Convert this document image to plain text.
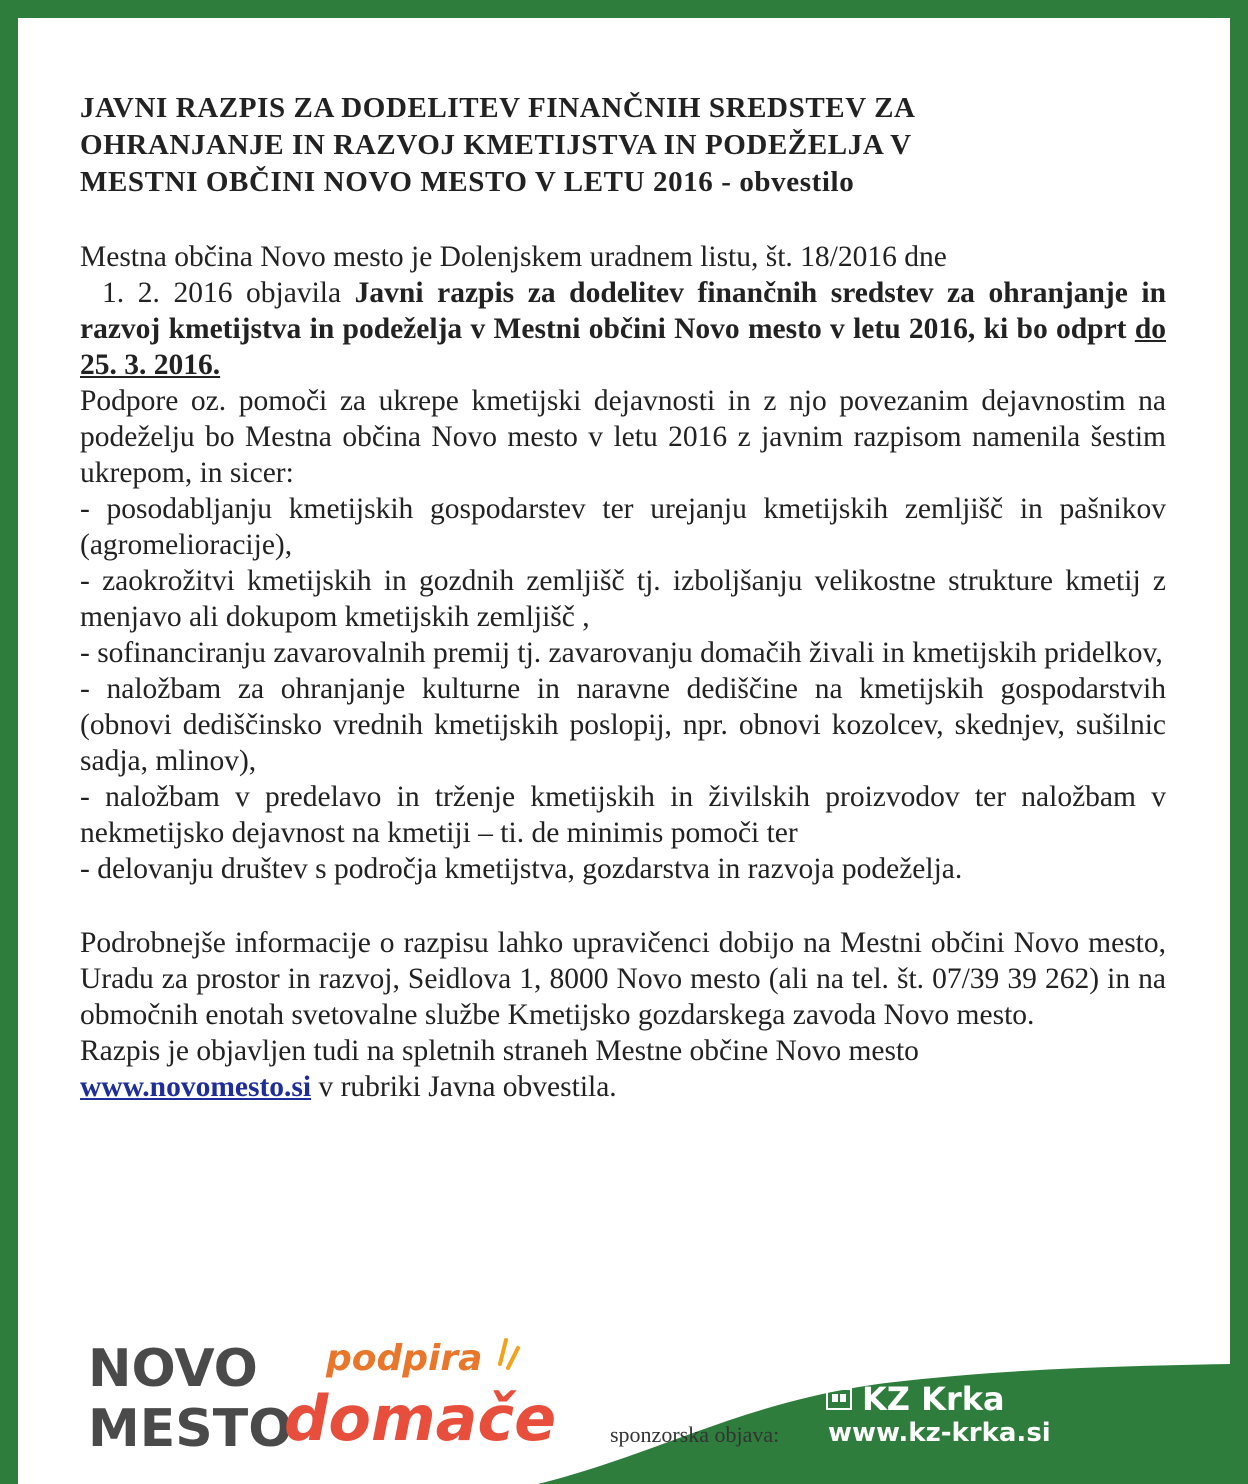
JAVNI RAZPIS ZA DODELITEV FINANČNIH SREDSTEV ZA
OHRANJANJE IN RAZVOJ KMETIJSTVA IN PODEŽELJA V
MESTNI OBČINI NOVO MESTO V LETU 2016 - obvestilo

Mestna občina Novo mesto je Dolenjskem uradnem listu, št. 18/2016 dne
1. 2. 2016 objavila Javni razpis za dodelitev finančnih sredstev za ohranjanje in razvoj kmetijstva in podeželja v Mestni občini Novo mesto v letu 2016, ki bo odprt do 25. 3. 2016.

Podpore oz. pomoči za ukrepe kmetijski dejavnosti in z njo povezanim dejavnostim na podeželju bo Mestna občina Novo mesto v letu 2016 z javnim razpisom namenila šestim ukrepom, in sicer:

- posodabljanju kmetijskih gospodarstev ter urejanju kmetijskih zemljišč in pašnikov (agromelioracije),

- zaokrožitvi kmetijskih in gozdnih zemljišč tj. izboljšanju velikostne strukture kmetij z menjavo ali dokupom kmetijskih zemljišč ,

- sofinanciranju zavarovalnih premij tj. zavarovanju domačih živali in kmetijskih pridelkov,

- naložbam za ohranjanje kulturne in naravne dediščine na kmetijskih gospodarstvih (obnovi dediščinsko vrednih kmetijskih poslopij, npr. obnovi kozolcev, skednjev, sušilnic sadja, mlinov),

- naložbam v predelavo in trženje kmetijskih in živilskih proizvodov ter naložbam v nekmetijsko dejavnost na kmetiji – ti. de minimis pomoči ter

- delovanju društev s področja kmetijstva, gozdarstva in razvoja podeželja.

Podrobnejše informacije o razpisu lahko upravičenci dobijo na Mestni občini Novo mesto, Uradu za prostor in razvoj, Seidlova 1, 8000 Novo mesto (ali na tel. št. 07/39 39 262) in na območnih enotah svetovalne službe Kmetijsko gozdarskega zavoda Novo mesto.

Razpis je objavljen tudi na spletnih straneh Mestne občine Novo mesto
www.novomesto.si v rubriki Javna obvestila.

NOVO
MESTO
podpira
domače sponzorska objava:
KZ Krka
www.kz-krka.si
